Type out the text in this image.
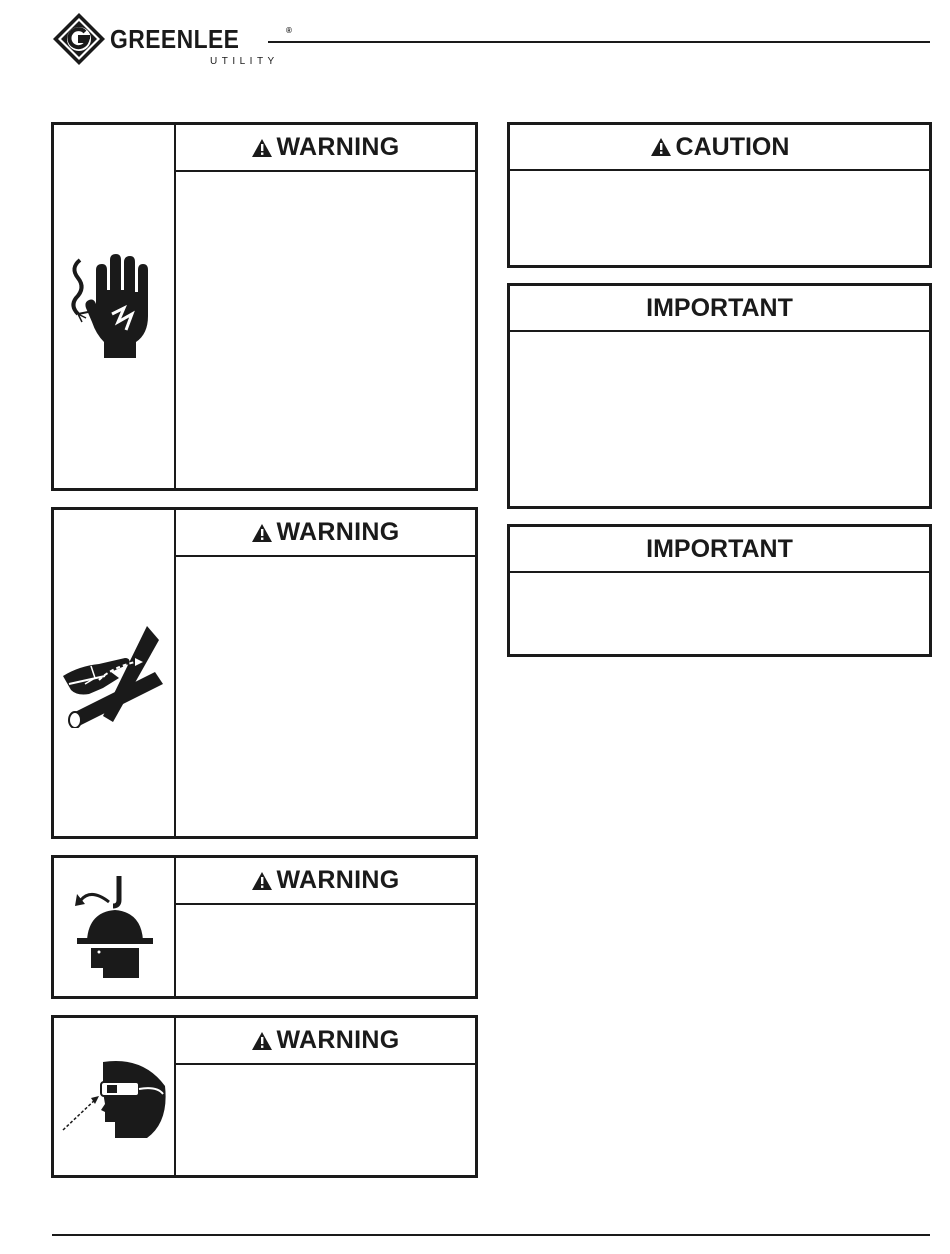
GREENLEE	®
UTILITY
WARNING
WARNING
WARNING
WARNING
CAUTION
IMPORTANT
IMPORTANT
